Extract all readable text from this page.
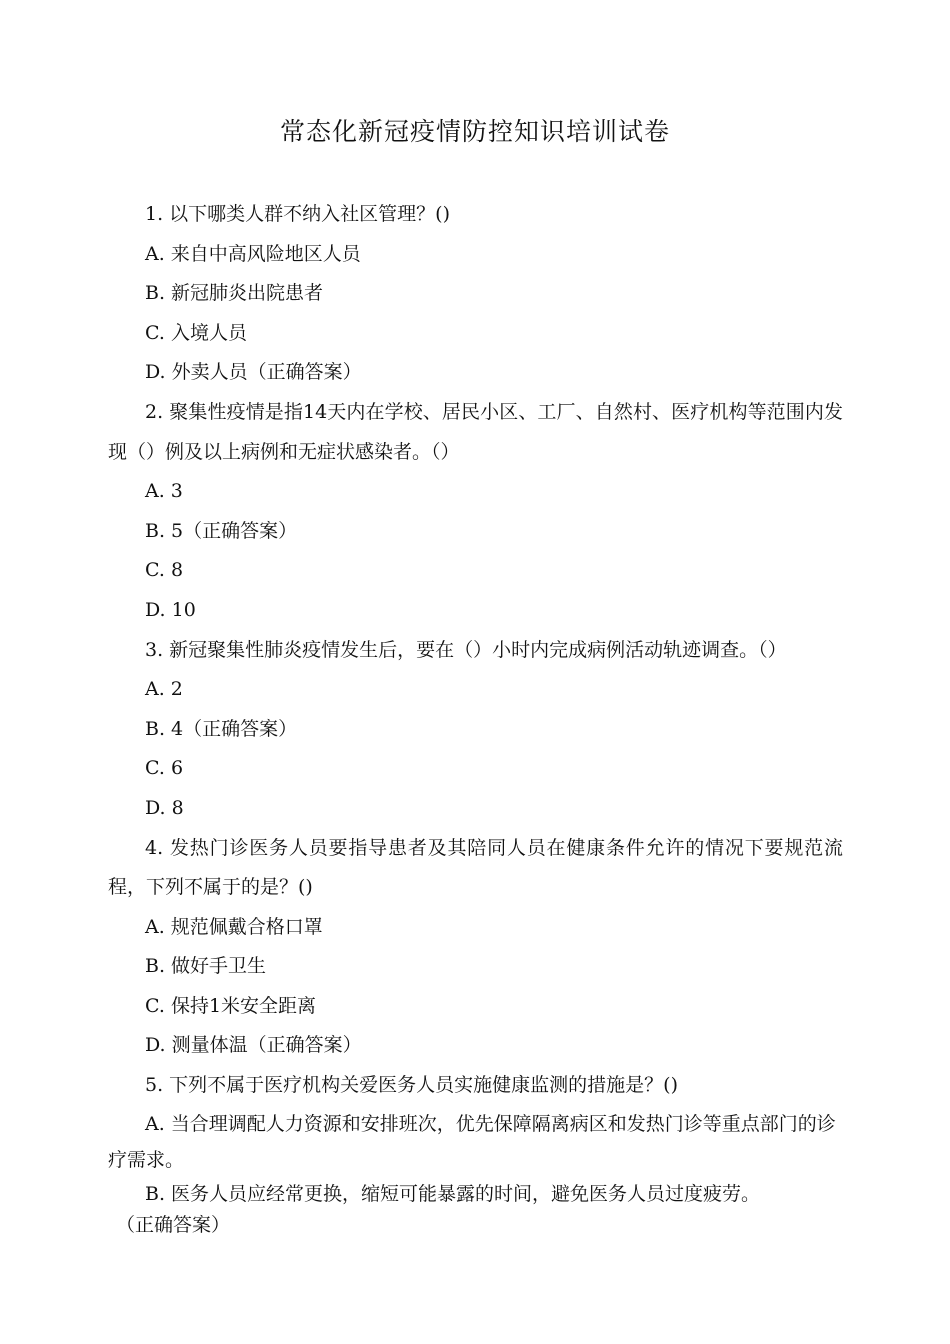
常态化新冠疫情防控知识培训试卷

1. 以下哪类人群不纳入社区管理？()

A. 来自中高风险地区人员

B. 新冠肺炎出院患者

C. 入境人员

D. 外卖人员（正确答案）

2. 聚集性疫情是指14天内在学校、居民小区、工厂、自然村、医疗机构等范围内发现（）例及以上病例和无症状感染者。（）

A. 3

B. 5（正确答案）

C. 8

D. 10

3. 新冠聚集性肺炎疫情发生后，要在（）小时内完成病例活动轨迹调查。（）

A. 2

B. 4（正确答案）

C. 6

D. 8

4. 发热门诊医务人员要指导患者及其陪同人员在健康条件允许的情况下要规范流程，下列不属于的是？()

A. 规范佩戴合格口罩

B. 做好手卫生

C. 保持1米安全距离

D. 测量体温（正确答案）

5. 下列不属于医疗机构关爱医务人员实施健康监测的措施是？()

A. 当合理调配人力资源和安排班次，优先保障隔离病区和发热门诊等重点部门的诊疗需求。

B. 医务人员应经常更换，缩短可能暴露的时间，避免医务人员过度疲劳。

（正确答案）
